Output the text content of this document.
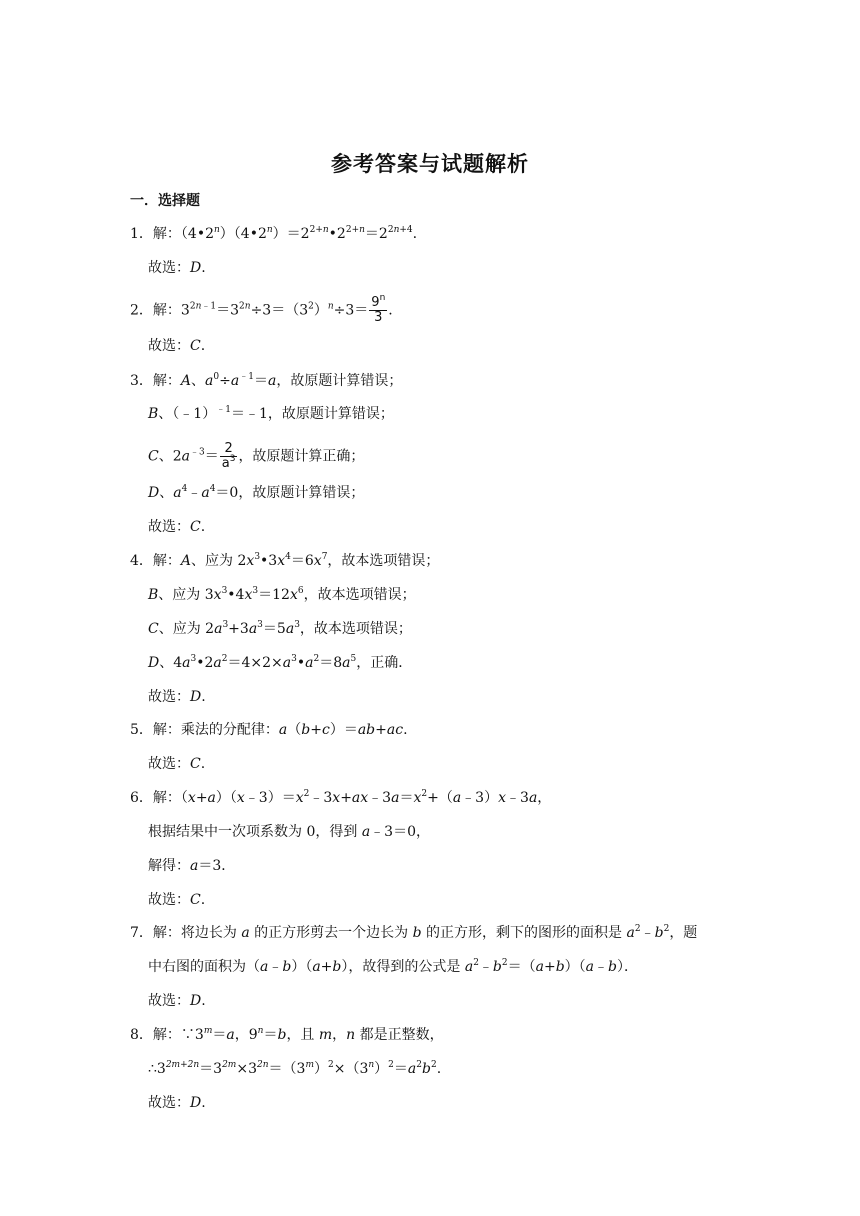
参考答案与试题解析
一．选择题
1．解：$(4•2^n)(4•2^n)=2^{2+n}•2^{2+n}=2^{2n+4}$.
故选：D.
2．解：$3^{2n﹣1}=3^{2n}\div 3=(3^2)^n\div 3= \frac{9^n}{3}$ .
故选：C.
3．解：A、$a^0\div a^{﹣1}=a$，故原题计算错误；
B、（﹣1）$^{﹣1}$＝﹣1，故原题计算错误；
C、$2a^{﹣3}= \frac{2}{a^3}$ ，故原题计算正确；
D、$a^4﹣a^4=0$，故原题计算错误；
故选：C.
4．解：A、应为 $2x^3•3x^4=6x^7$，故本选项错误；
B、应为 $3x^3•4x^3=12x^6$，故本选项错误；
C、应为 $2a^3+3a^3=5a^3$，故本选项错误；
D、$4a^3•2a^2=4\times 2\times a^3•a^2=8a^5$，正确．
故选：D.
5．解：乘法的分配律：a（b+c）＝ab+ac.
故选：C.
6．解：$(x+a)(x﹣3)=x^2﹣3x+ax﹣3a=x^2+(a﹣3)x﹣3a$，
根据结果中一次项系数为 0，得到 a﹣3＝0，
解得：a＝3．
故选：C.
7．解：将边长为 a 的正方形剪去一个边长为 b 的正方形，剩下的图形的面积是 $a^2﹣b^2$，题
中右图的面积为（a﹣b）（a+b），故得到的公式是 $a^2﹣b^2=(a+b)(a﹣b)$．
故选：D.
8．解：$\because 3^m=a$，$9^n=b$，且 m，n 都是正整数，
$\therefore 3^{2m+2n}=3^{2m}\times 3^{2n}=(3^m)^2\times(3^n)^2=a^2b^2$.
故选：D.
